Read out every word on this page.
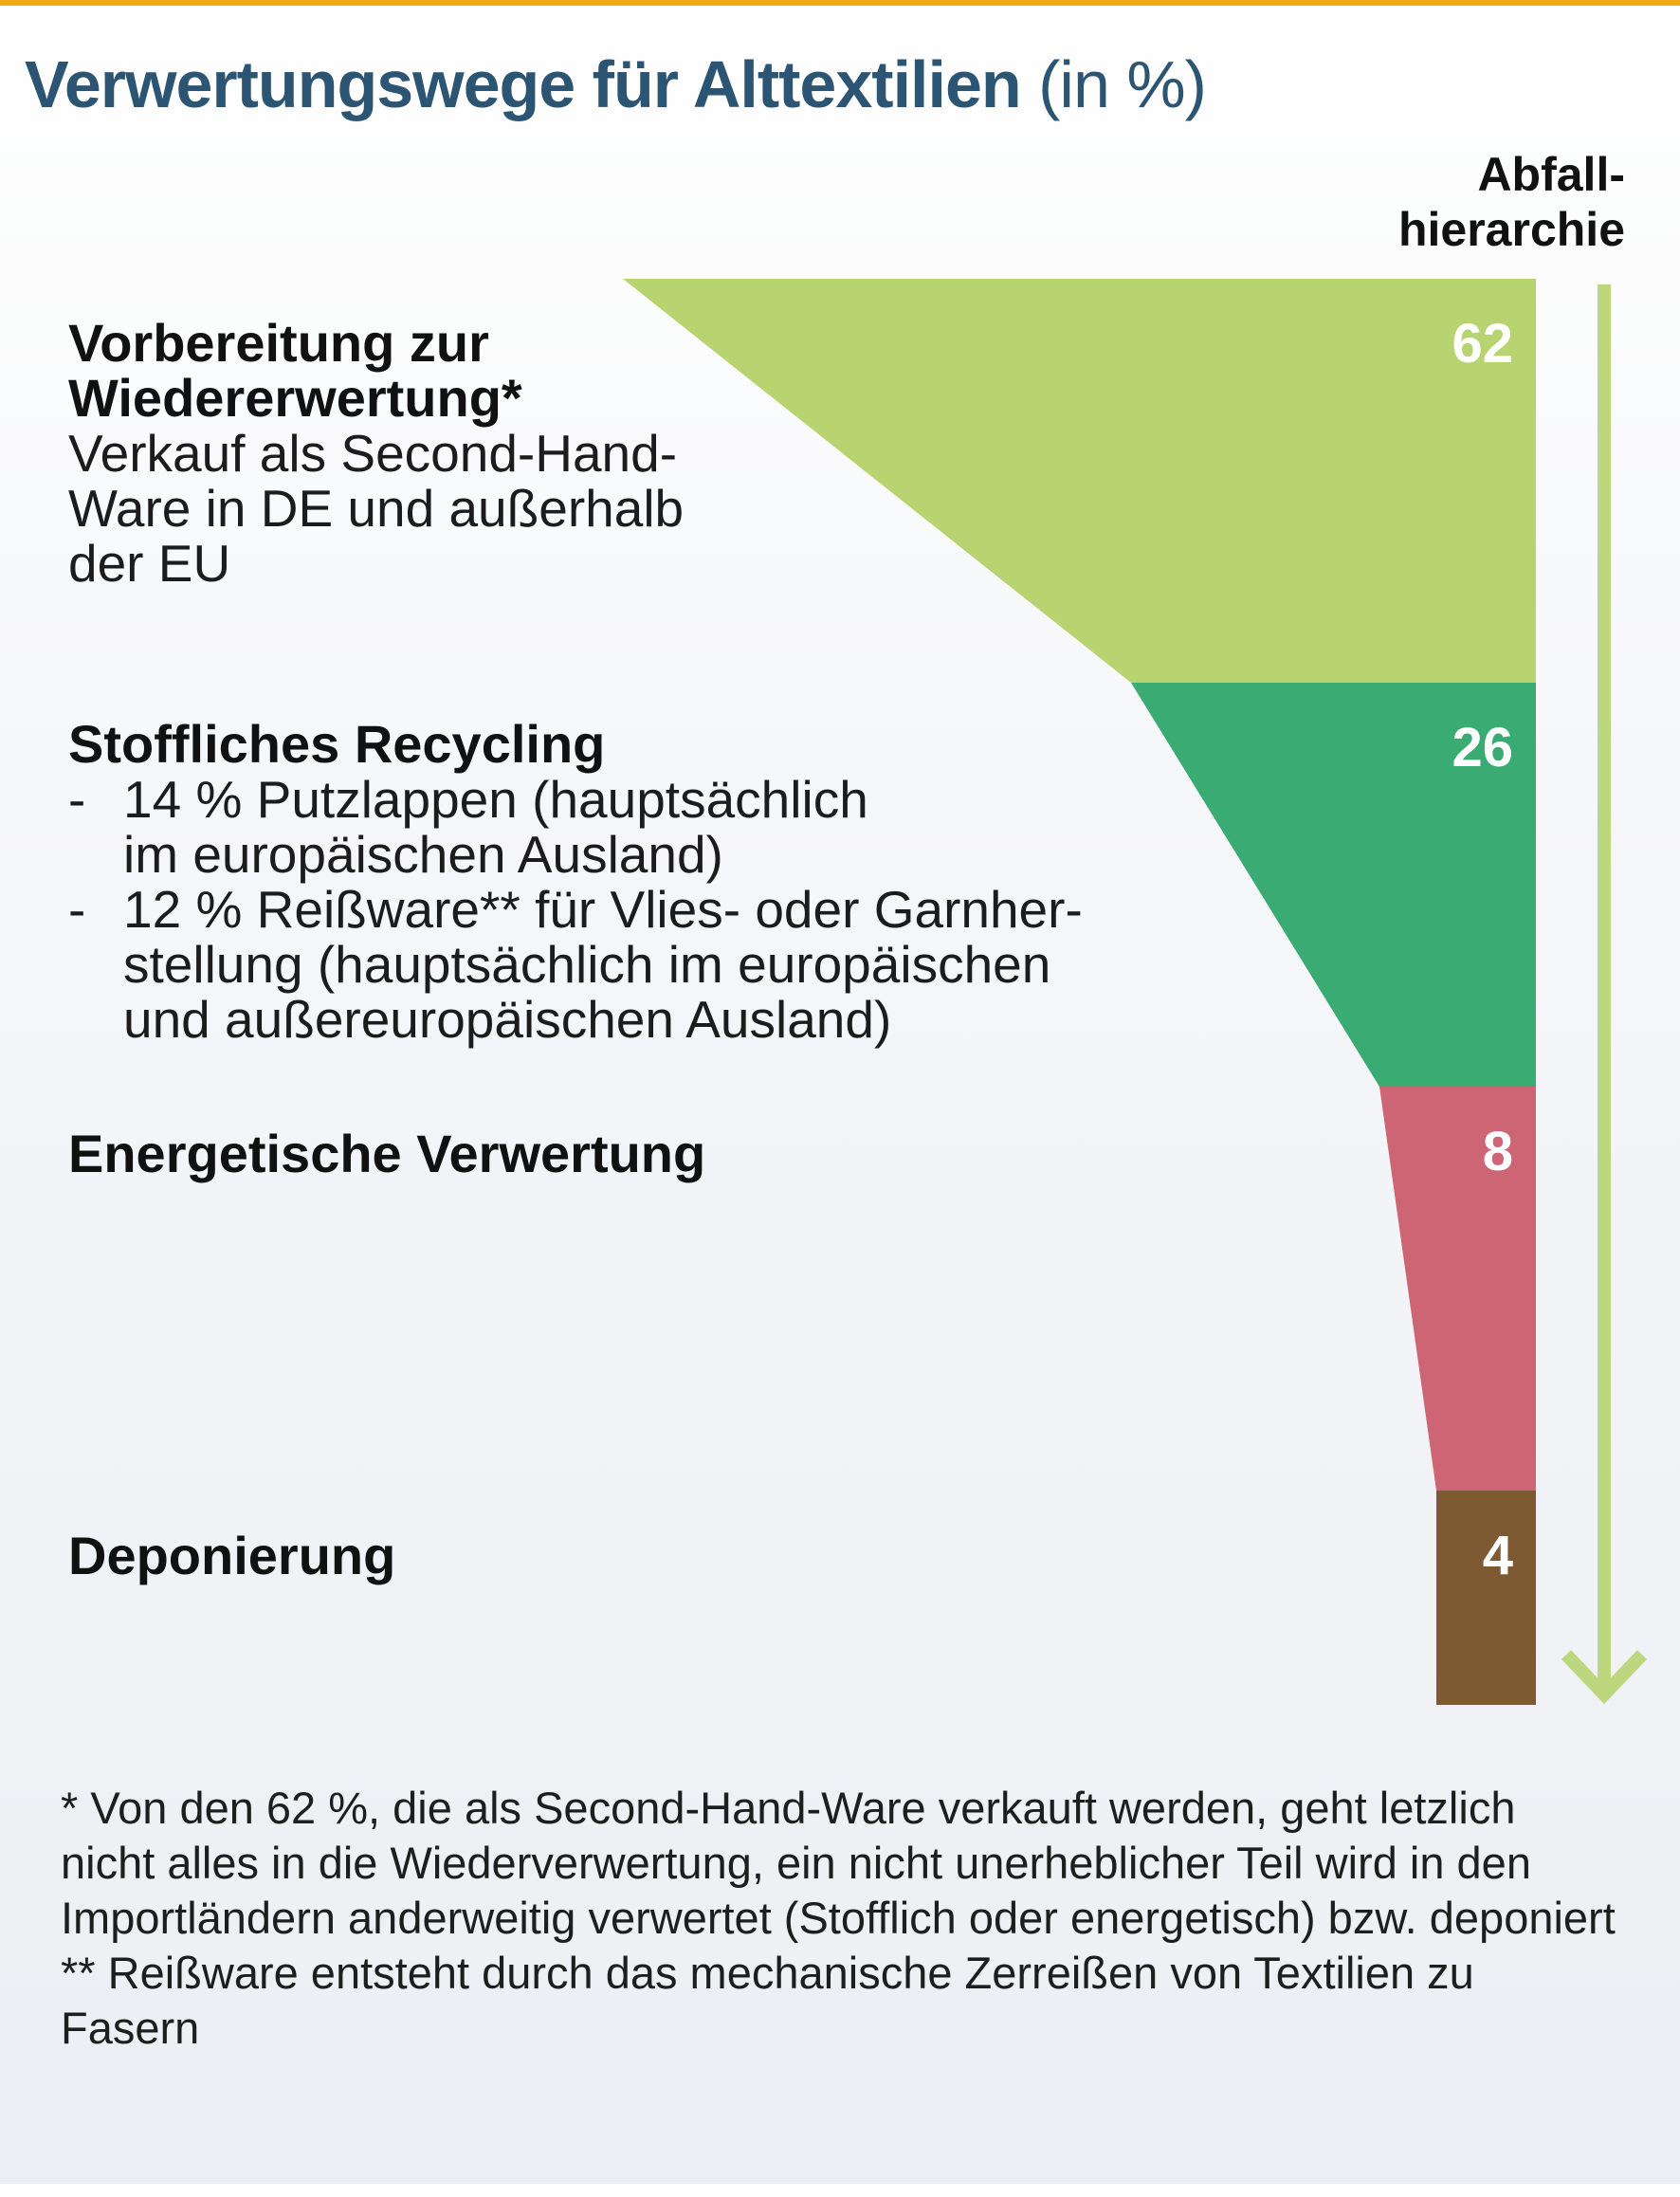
Verwertungswege für Alttextilien (in %)
Abfall-
hierarchie
62
26
8
4
Vorbereitung zur
Wiedererwertung*
Verkauf als Second-Hand-
Ware in DE und außerhalb
der EU
Stoffliches Recycling
- 14 % Putzlappen (hauptsächlich
im europäischen Ausland)
- 12 % Reißware** für Vlies- oder Garnher-
stellung (hauptsächlich im europäischen
und außereuropäischen Ausland)
Energetische Verwertung
Deponierung

* Von den 62 %, die als Second-Hand-Ware verkauft werden, geht letzlich nicht alles in die Wiederverwertung, ein nicht unerheblicher Teil wird in den Importländern anderweitig verwertet (Stofflich oder energetisch) bzw. deponiert

** Reißware entsteht durch das mechanische Zerreißen von Textilien zu Fasern
